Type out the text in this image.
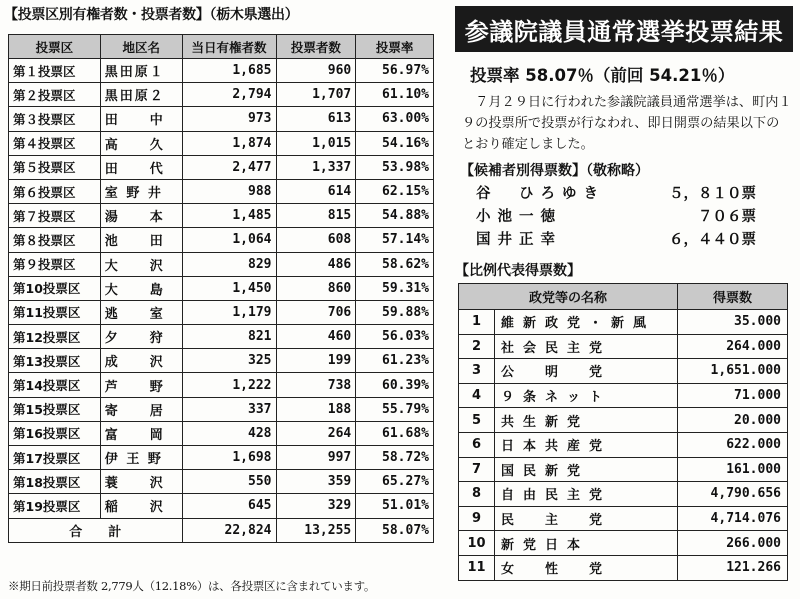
【投票区別有権者数・投票者数】（栃木県選出）
投票区	地区名	当日有権者数	投票者数	投票率
第１投票区	黒田原１	1,685	960	56.97%
第２投票区	黒田原２	2,794	1,707	61.10%
第３投票区	田　　中	973	613	63.00%
第４投票区	高　　久	1,874	1,015	54.16%
第５投票区	田　　代	2,477	1,337	53.98%
第６投票区	室 野 井	988	614	62.15%
第７投票区	湯　　本	1,485	815	54.88%
第８投票区	池　　田	1,064	608	57.14%
第９投票区	大　　沢	829	486	58.62%
第10投票区	大　　島	1,450	860	59.31%
第11投票区	逃　　室	1,179	706	59.88%
第12投票区	夕　　狩	821	460	56.03%
第13投票区	成　　沢	325	199	61.23%
第14投票区	芦　　野	1,222	738	60.39%
第15投票区	寄　　居	337	188	55.79%
第16投票区	富　　岡	428	264	61.68%
第17投票区	伊 王 野	1,698	997	58.72%
第18投票区	蓑　　沢	550	359	65.27%
第19投票区	稲　　沢	645	329	51.01%
合　　計		22,824	13,255	58.07%
※期日前投票者数 2,779人（12.18%）は、各投票区に含まれています。
参議院議員通常選挙投票結果
投票率 58.07％（前回 54.21％）
７月２９日に行われた参議院議員通常選挙は、町内１９の投票所で投票が行なわれ、即日開票の結果以下のとおり確定しました。
【候補者別得票数】（敬称略）
谷　ひろゆき	５，８１０票
小池一徳	７０６票
国井正幸	６，４４０票
【比例代表得票数】
政党等の名称		得票数
1	維新政党・新風	35.000
2	社会民主党	264.000
3	公　明　党	1,651.000
4	９条ネット	71.000
5	共生新党	20.000
6	日本共産党	622.000
7	国民新党	161.000
8	自由民主党	4,790.656
9	民　主　党	4,714.076
10	新党日本	266.000
11	女　性　党	121.266
